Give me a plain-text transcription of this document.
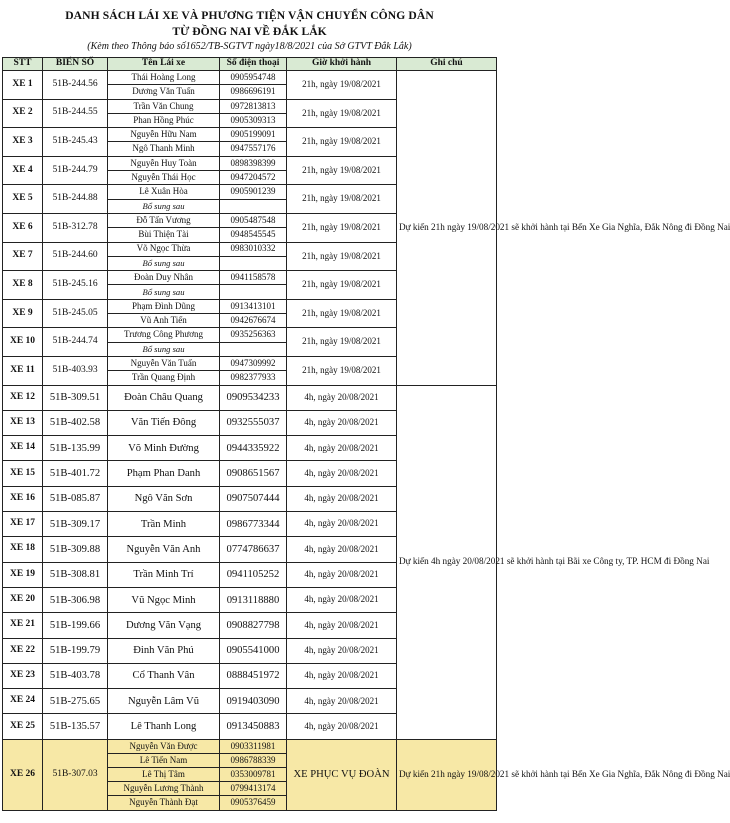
DANH SÁCH LÁI XE VÀ PHƯƠNG TIỆN VẬN CHUYỂN CÔNG DÂN
TỪ ĐỒNG NAI VỀ ĐẮK LẮK
(Kèm theo Thông báo số1652/TB-SGTVT ngày18/8/2021 của Sở GTVT Đắk Lắk)
STT	BIỂN SỐ	Tên Lái xe	Số điện thoại	Giờ khởi hành	Ghi chú
XE 1	51B-244.56	Thái Hoàng Long	0905954748	21h, ngày 19/08/2021	Dự kiến 21h ngày 19/08/2021 sẽ khởi hành tại Bến Xe Gia Nghĩa, Đắk Nông đi Đồng Nai
		Dương Văn Tuấn	0986696191		
XE 2	51B-244.55	Trần Văn Chung	0972813813	21h, ngày 19/08/2021	
		Phan Hồng Phúc	0905309313		
XE 3	51B-245.43	Nguyễn Hữu Nam	0905199091	21h, ngày 19/08/2021	
		Ngô Thanh Minh	0947557176		
XE 4	51B-244.79	Nguyễn Huy Toàn	0898398399	21h, ngày 19/08/2021	
		Nguyễn Thái Học	0947204572		
XE 5	51B-244.88	Lê Xuân Hòa	0905901239	21h, ngày 19/08/2021	
		Bổ sung sau			
XE 6	51B-312.78	Đỗ Tấn Vương	0905487548	21h, ngày 19/08/2021	
		Bùi Thiện Tài	0948545545		
XE 7	51B-244.60	Võ Ngọc Thừa	0983010332	21h, ngày 19/08/2021	
		Bổ sung sau			
XE 8	51B-245.16	Đoàn Duy Nhân	0941158578	21h, ngày 19/08/2021	
		Bổ sung sau			
XE 9	51B-245.05	Phạm Đình Dũng	0913413101	21h, ngày 19/08/2021	
		Vũ Anh Tiến	0942676674		
XE 10	51B-244.74	Trương Công Phương	0935256363	21h, ngày 19/08/2021	
		Bổ sung sau			
XE 11	51B-403.93	Nguyễn Văn Tuấn	0947309992	21h, ngày 19/08/2021	
		Trần Quang Định	0982377933		
XE 12	51B-309.51	Đoàn Châu Quang	0909534233	4h, ngày 20/08/2021	Dự kiến 4h ngày 20/08/2021 sẽ khởi hành tại Bãi xe Công ty, TP. HCM đi Đồng Nai
XE 13	51B-402.58	Văn Tiến Đông	0932555037	4h, ngày 20/08/2021	
XE 14	51B-135.99	Võ Minh Đường	0944335922	4h, ngày 20/08/2021	
XE 15	51B-401.72	Phạm Phan Danh	0908651567	4h, ngày 20/08/2021	
XE 16	51B-085.87	Ngô Văn Sơn	0907507444	4h, ngày 20/08/2021	
XE 17	51B-309.17	Trần Minh	0986773344	4h, ngày 20/08/2021	
XE 18	51B-309.88	Nguyễn Văn Anh	0774786637	4h, ngày 20/08/2021	
XE 19	51B-308.81	Trần Minh Trí	0941105252	4h, ngày 20/08/2021	
XE 20	51B-306.98	Vũ Ngọc Minh	0913118880	4h, ngày 20/08/2021	
XE 21	51B-199.66	Dương Văn Vạng	0908827798	4h, ngày 20/08/2021	
XE 22	51B-199.79	Đinh Văn Phú	0905541000	4h, ngày 20/08/2021	
XE 23	51B-403.78	Cổ Thanh Vân	0888451972	4h, ngày 20/08/2021	
XE 24	51B-275.65	Nguyễn Lâm Vũ	0919403090	4h, ngày 20/08/2021	
XE 25	51B-135.57	Lê Thanh Long	0913450883	4h, ngày 20/08/2021	
XE 26	51B-307.03	Nguyễn Văn Được	0903311981	XE PHỤC VỤ ĐOÀN	Dự kiến 21h ngày 19/08/2021 sẽ khởi hành tại Bến Xe Gia Nghĩa, Đắk Nông đi Đồng Nai
		Lê Tiến Nam	0986788339		
		Lê Thị Tâm	0353009781		
		Nguyễn Lương Thành	0799413174		
		Nguyễn Thành Đạt	0905376459		
